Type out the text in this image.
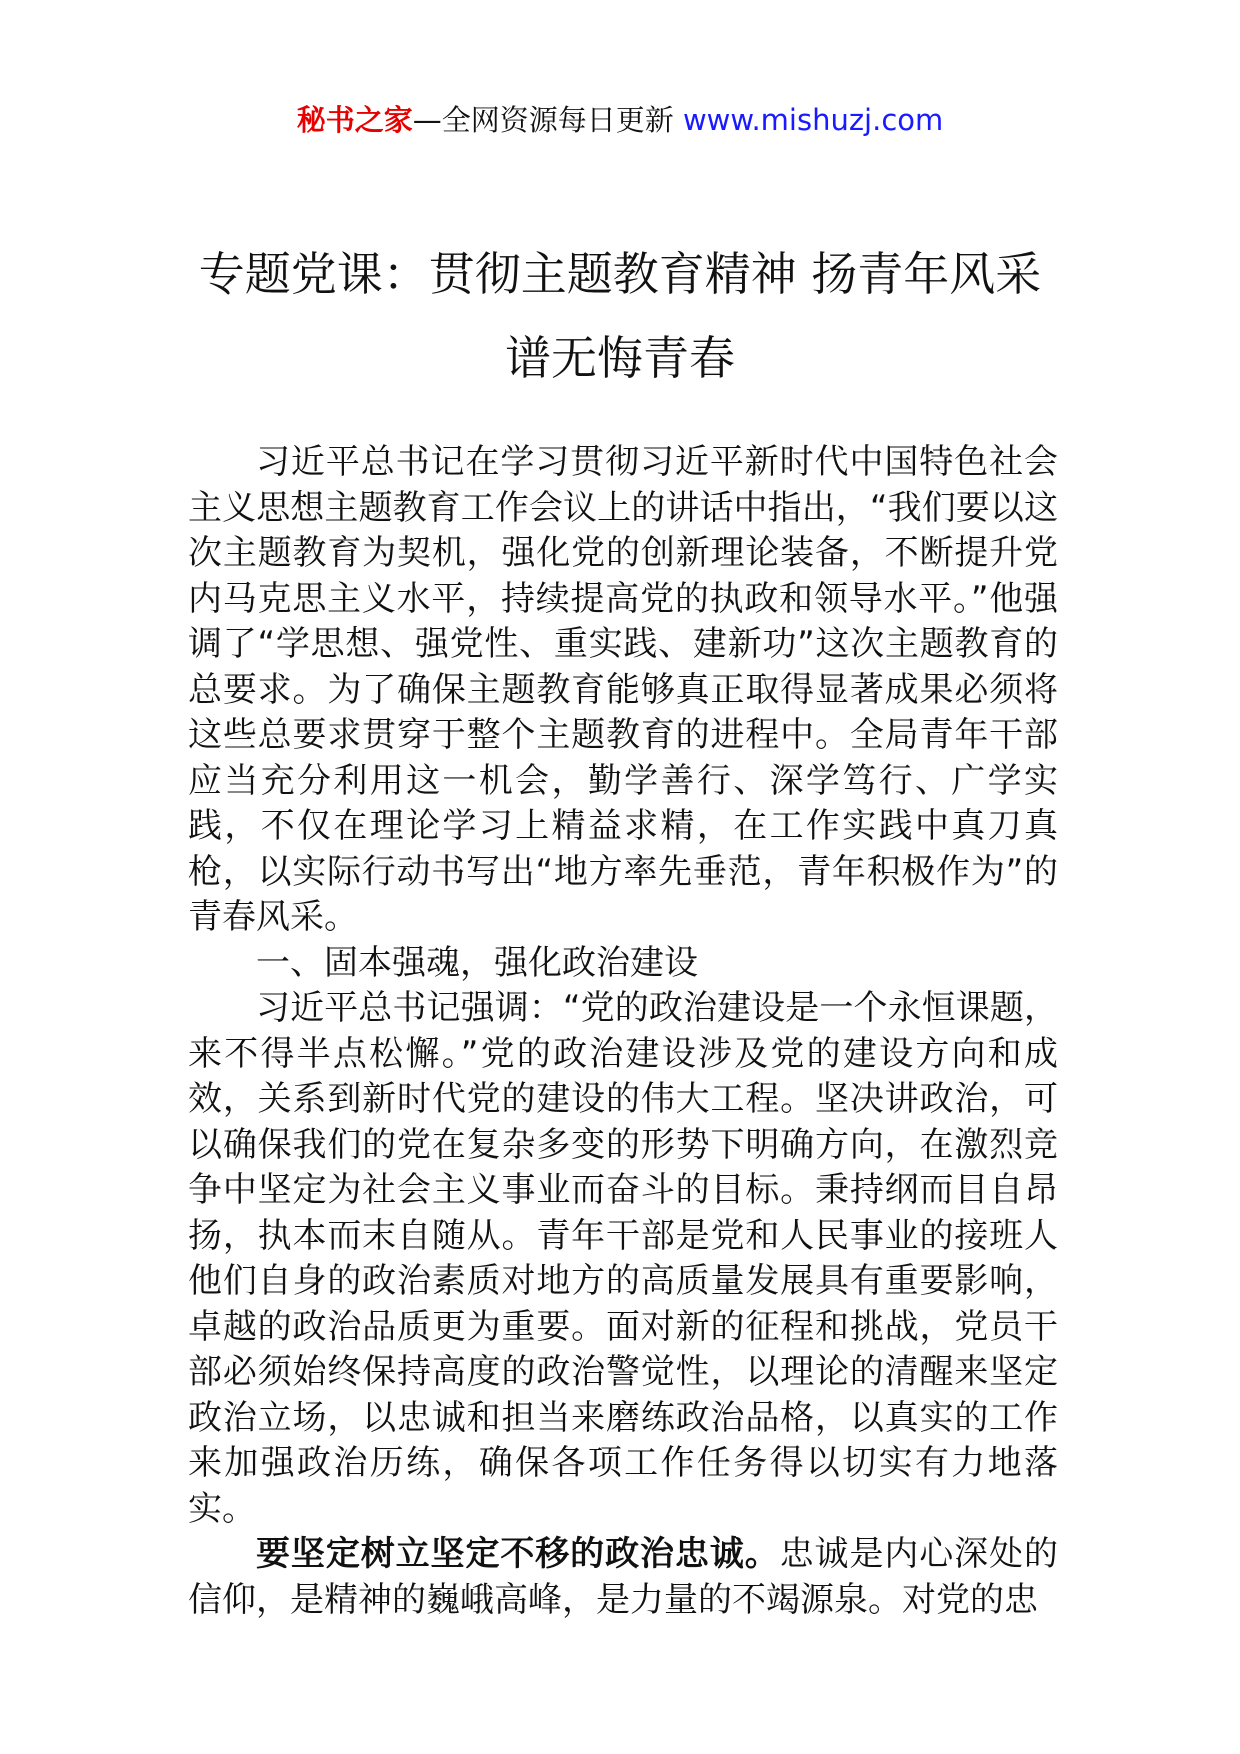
秘书之家—全网资源每日更新 www.mishuzj.com
专题党课：贯彻主题教育精神 扬青年风采
谱无悔青春

习近平总书记在学习贯彻习近平新时代中国特色社会主义思想主题教育工作会议上的讲话中指出，“我们要以这次主题教育为契机，强化党的创新理论装备，不断提升党内马克思主义水平，持续提高党的执政和领导水平。”他强调了“学思想、强党性、重实践、建新功”这次主题教育的总要求。为了确保主题教育能够真正取得显著成果必须将这些总要求贯穿于整个主题教育的进程中。全局青年干部应当充分利用这一机会，勤学善行、深学笃行、广学实践，不仅在理论学习上精益求精，在工作实践中真刀真枪，以实际行动书写出“地方率先垂范，青年积极作为”的青春风采。

一、固本强魂，强化政治建设

习近平总书记强调：“党的政治建设是一个永恒课题，来不得半点松懈。”党的政治建设涉及党的建设方向和成效，关系到新时代党的建设的伟大工程。坚决讲政治，可以确保我们的党在复杂多变的形势下明确方向，在激烈竞争中坚定为社会主义事业而奋斗的目标。秉持纲而目自昂扬，执本而末自随从。青年干部是党和人民事业的接班人他们自身的政治素质对地方的高质量发展具有重要影响，卓越的政治品质更为重要。面对新的征程和挑战，党员干部必须始终保持高度的政治警觉性，以理论的清醒来坚定政治立场，以忠诚和担当来磨练政治品格，以真实的工作来加强政治历练，确保各项工作任务得以切实有力地落实。

要坚定树立坚定不移的政治忠诚。忠诚是内心深处的信仰，是精神的巍峨高峰，是力量的不竭源泉。对党的忠
